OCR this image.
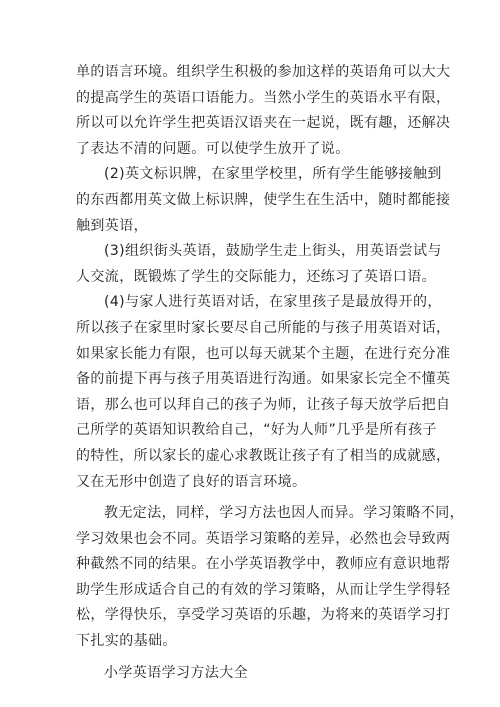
单的语言环境。组织学生积极的参加这样的英语角可以大大
的提高学生的英语口语能力。当然小学生的英语水平有限，
所以可以允许学生把英语汉语夹在一起说，既有趣，还解决
了表达不清的问题。可以使学生放开了说。
(2)英文标识牌，在家里学校里，所有学生能够接触到
的东西都用英文做上标识牌，使学生在生活中，随时都能接
触到英语，
(3)组织街头英语，鼓励学生走上街头，用英语尝试与
人交流，既锻炼了学生的交际能力，还练习了英语口语。
(4)与家人进行英语对话，在家里孩子是最放得开的，
所以孩子在家里时家长要尽自己所能的与孩子用英语对话，
如果家长能力有限，也可以每天就某个主题，在进行充分准
备的前提下再与孩子用英语进行沟通。如果家长完全不懂英
语，那么也可以拜自己的孩子为师，让孩子每天放学后把自
己所学的英语知识教给自己，“好为人师”几乎是所有孩子
的特性，所以家长的虚心求教既让孩子有了相当的成就感，
又在无形中创造了良好的语言环境。
教无定法，同样，学习方法也因人而异。学习策略不同，
学习效果也会不同。英语学习策略的差异，必然也会导致两
种截然不同的结果。在小学英语教学中，教师应有意识地帮
助学生形成适合自己的有效的学习策略，从而让学生学得轻
松，学得快乐，享受学习英语的乐趣，为将来的英语学习打
下扎实的基础。
小学英语学习方法大全
